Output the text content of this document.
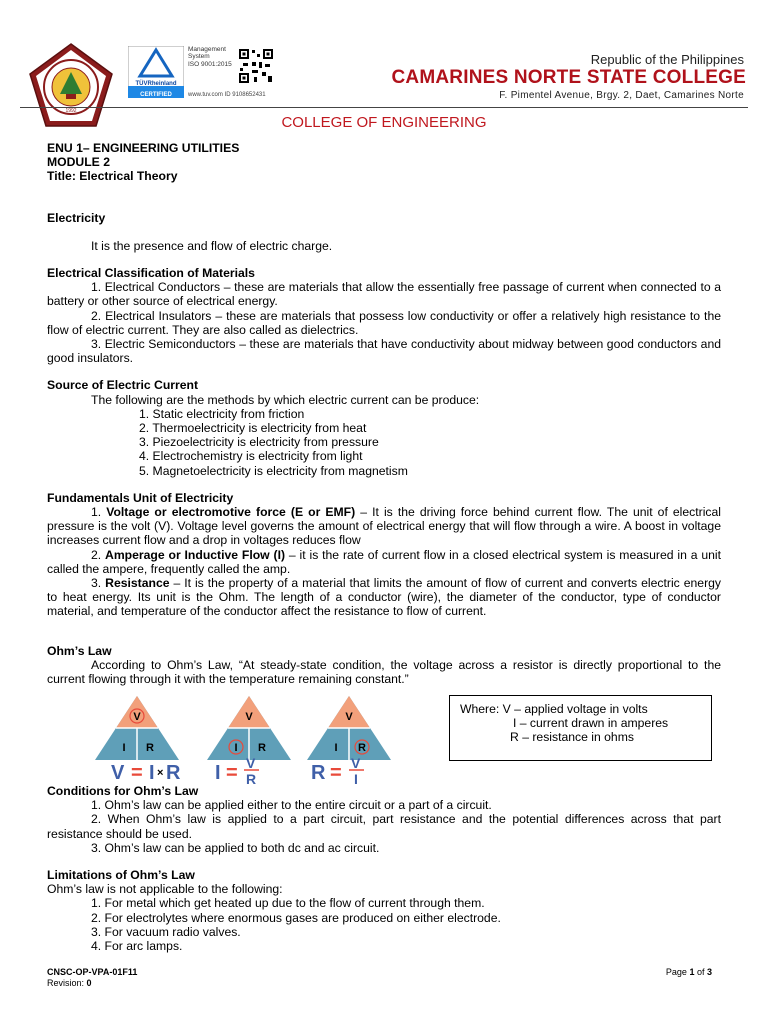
1992
TÜVRheinland
CERTIFIED
Management
System
ISO 9001:2015
www.tuv.com ID 9108652431
Republic of the Philippines
CAMARINES NORTE STATE COLLEGE
F. Pimentel Avenue, Brgy. 2, Daet, Camarines Norte
COLLEGE OF ENGINEERING
ENU 1– ENGINEERING UTILITIES
MODULE 2
Title: Electrical Theory
Electricity
It is the presence and flow of electric charge.
Electrical Classification of Materials
1. Electrical Conductors – these are materials that allow the essentially free passage of current when connected to a battery or other source of electrical energy.
2. Electrical Insulators – these are materials that possess low conductivity or offer a relatively high resistance to the flow of electric current. They are also called as dielectrics.
3. Electric Semiconductors – these are materials that have conductivity about midway between good conductors and good insulators.
Source of Electric Current
The following are the methods by which electric current can be produce:
1. Static electricity from friction
2. Thermoelectricity is electricity from heat
3. Piezoelectricity is electricity from pressure
4. Electrochemistry is electricity from light
5. Magnetoelectricity is electricity from magnetism
Fundamentals Unit of Electricity
1. Voltage or electromotive force (E or EMF) – It is the driving force behind current flow. The unit of electrical pressure is the volt (V). Voltage level governs the amount of electrical energy that will flow through a wire. A boost in voltage increases current flow and a drop in voltages reduces flow
2. Amperage or Inductive Flow (I) – it is the rate of current flow in a closed electrical system is measured in a unit called the ampere, frequently called the amp.
3. Resistance – It is the property of a material that limits the amount of flow of current and converts electric energy to heat energy. Its unit is the Ohm. The length of a conductor (wire), the diameter of the conductor, type of conductor material, and temperature of the conductor affect the resistance to flow of current.
Ohm’s Law
According to Ohm’s Law, “At steady-state condition, the voltage across a resistor is directly proportional to the current flowing through it with the temperature remaining constant.”
V
I R
V
I R
V
I R
V = I × R I = V
R	R = V
I
Where: V – applied voltage in volts
I – current drawn in amperes
R – resistance in ohms
Conditions for Ohm’s Law
1. Ohm’s law can be applied either to the entire circuit or a part of a circuit.
2. When Ohm’s law is applied to a part circuit, part resistance and the potential differences across that part resistance should be used.
3. Ohm’s law can be applied to both dc and ac circuit.
Limitations of Ohm’s Law
Ohm’s law is not applicable to the following:
1. For metal which get heated up due to the flow of current through them.
2. For electrolytes where enormous gases are produced on either electrode.
3. For vacuum radio valves.
4. For arc lamps.
CNSC-OP-VPA-01F11
Revision: 0
Page 1 of 3
